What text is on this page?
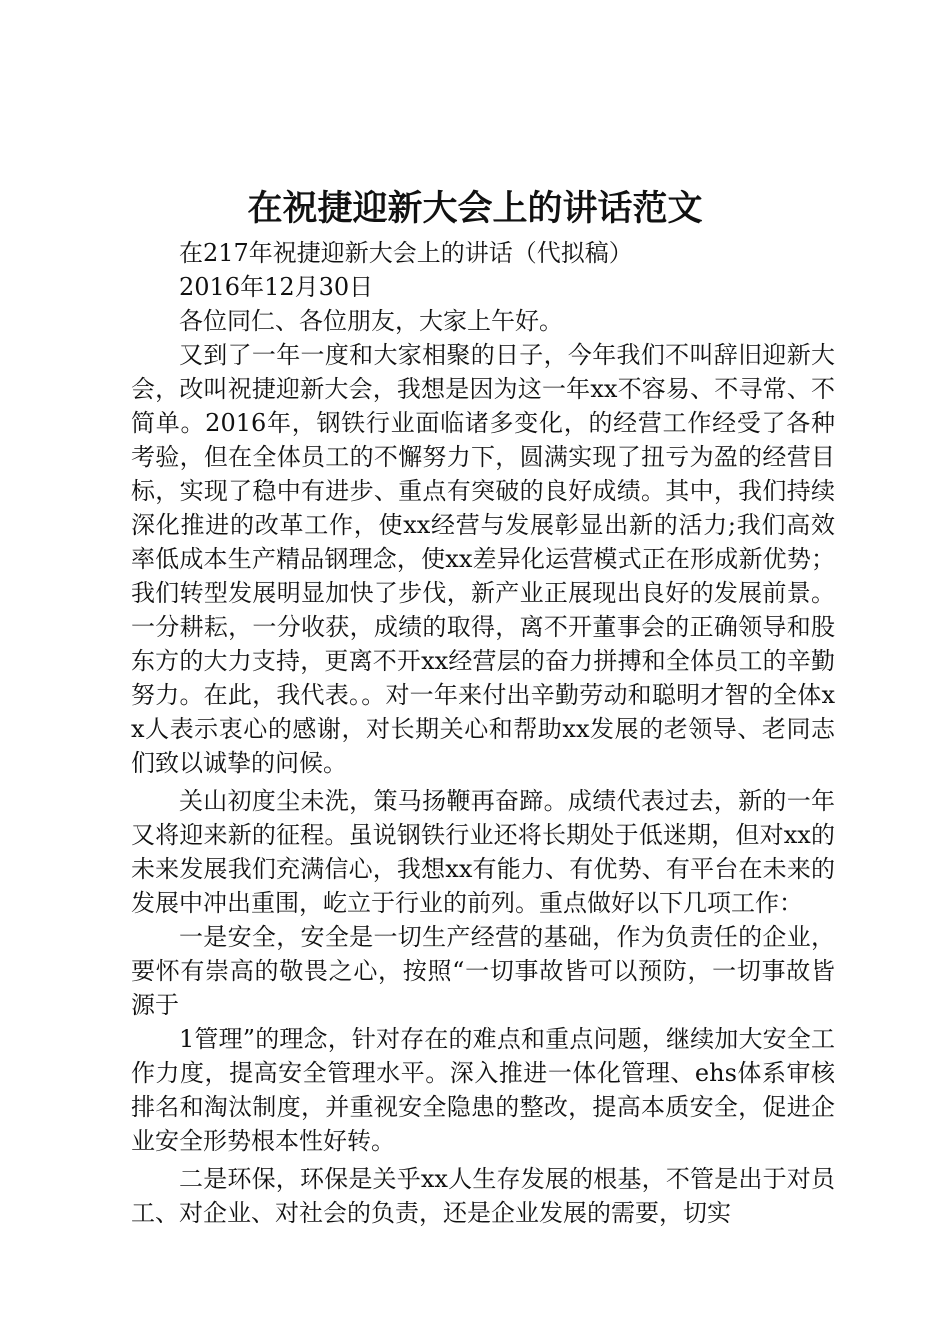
在祝捷迎新大会上的讲话范文

在217年祝捷迎新大会上的讲话（代拟稿）

2016年12月30日

各位同仁、各位朋友，大家上午好。

又到了一年一度和大家相聚的日子，今年我们不叫辞旧迎新大会，改叫祝捷迎新大会，我想是因为这一年xx不容易、不寻常、不简单。2016年，钢铁行业面临诸多变化，的经营工作经受了各种考验，但在全体员工的不懈努力下，圆满实现了扭亏为盈的经营目标，实现了稳中有进步、重点有突破的良好成绩。其中，我们持续深化推进的改革工作，使xx经营与发展彰显出新的活力;我们高效率低成本生产精品钢理念，使xx差异化运营模式正在形成新优势；我们转型发展明显加快了步伐，新产业正展现出良好的发展前景。一分耕耘，一分收获，成绩的取得，离不开董事会的正确领导和股东方的大力支持，更离不开xx经营层的奋力拼搏和全体员工的辛勤努力。在此，我代表。。对一年来付出辛勤劳动和聪明才智的全体xx人表示衷心的感谢，对长期关心和帮助xx发展的老领导、老同志们致以诚挚的问候。

关山初度尘未洗，策马扬鞭再奋蹄。成绩代表过去，新的一年又将迎来新的征程。虽说钢铁行业还将长期处于低迷期，但对xx的未来发展我们充满信心，我想xx有能力、有优势、有平台在未来的发展中冲出重围，屹立于行业的前列。重点做好以下几项工作：

一是安全，安全是一切生产经营的基础，作为负责任的企业，要怀有崇高的敬畏之心，按照“一切事故皆可以预防，一切事故皆源于

1管理”的理念，针对存在的难点和重点问题，继续加大安全工作力度，提高安全管理水平。深入推进一体化管理、ehs体系审核排名和淘汰制度，并重视安全隐患的整改，提高本质安全，促进企业安全形势根本性好转。

二是环保，环保是关乎xx人生存发展的根基，不管是出于对员工、对企业、对社会的负责，还是企业发展的需要，切实
